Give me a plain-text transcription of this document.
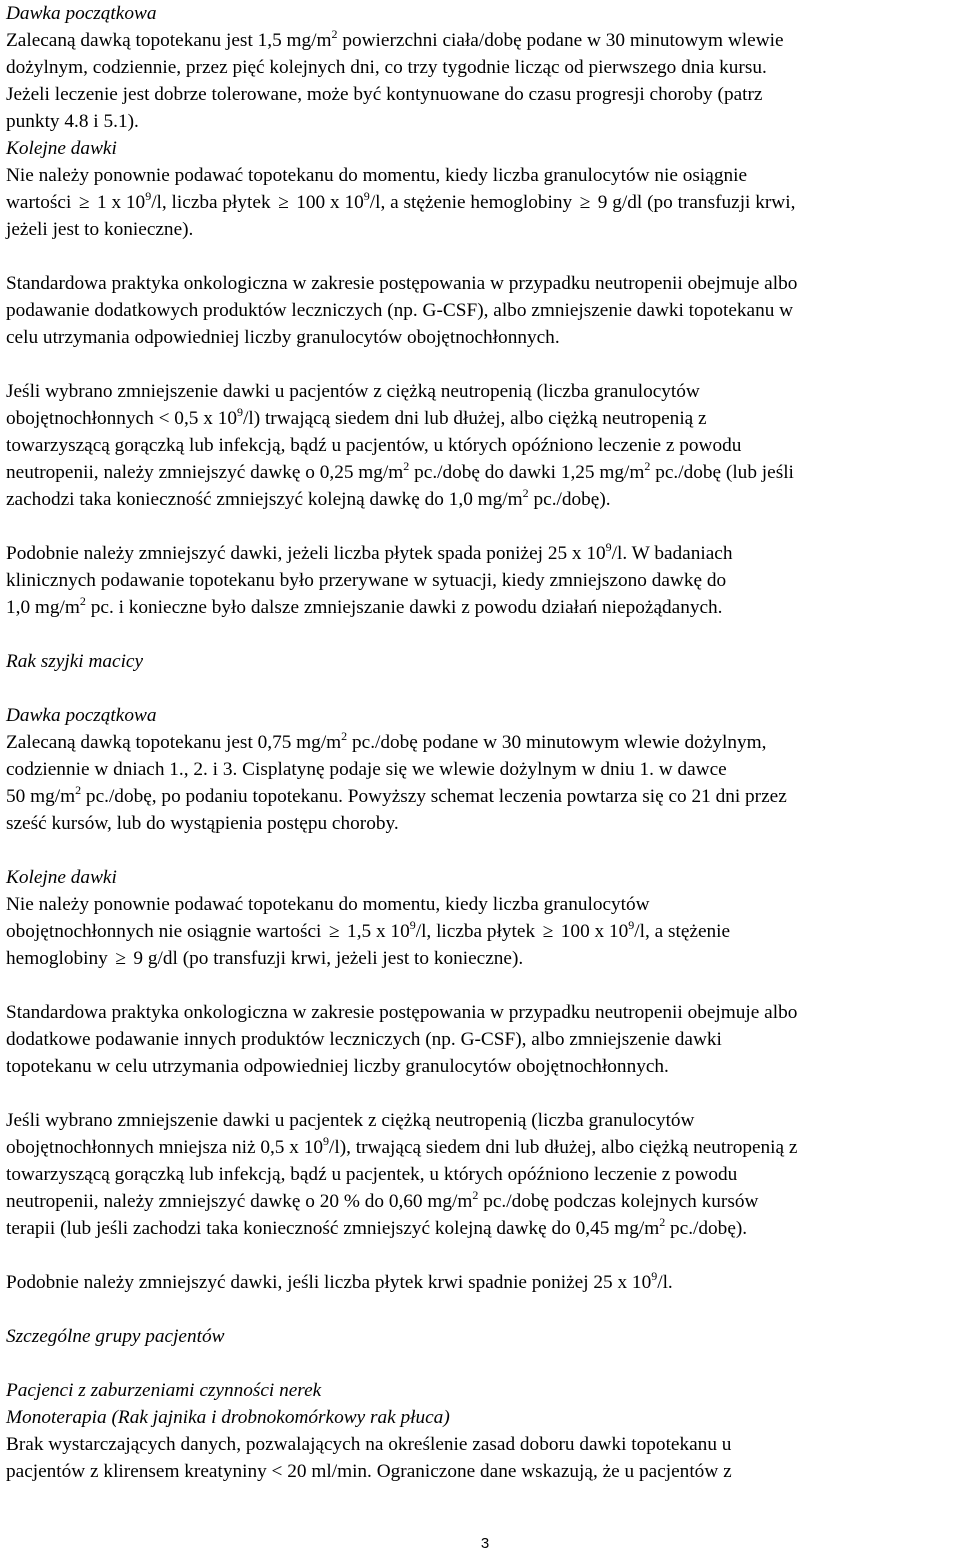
Dawka początkowa

Zalecaną dawką topotekanu jest 1,5 $mg/m^2$ powierzchni ciała/dobę podane w 30 minutowym wlewie

dożylnym, codziennie, przez pięć kolejnych dni, co trzy tygodnie licząc od pierwszego dnia kursu.

Jeżeli leczenie jest dobrze tolerowane, może być kontynuowane do czasu progresji choroby (patrz

punkty 4.8 i 5.1).

Kolejne dawki

Nie należy ponownie podawać topotekanu do momentu, kiedy liczba granulocytów nie osiągnie

wartości ≥ 1 x $10^9/l$, liczba płytek ≥ 100 x $10^9/l$, a stężenie hemoglobiny ≥ 9 g/dl (po transfuzji krwi,

jeżeli jest to konieczne).

Standardowa praktyka onkologiczna w zakresie postępowania w przypadku neutropenii obejmuje albo

podawanie dodatkowych produktów leczniczych (np. G-CSF), albo zmniejszenie dawki topotekanu w

celu utrzymania odpowiedniej liczby granulocytów obojętnochłonnych.

Jeśli wybrano zmniejszenie dawki u pacjentów z ciężką neutropenią (liczba granulocytów

obojętnochłonnych < 0,5 x $10^9/l$) trwającą siedem dni lub dłużej, albo ciężką neutropenią z

towarzyszącą gorączką lub infekcją, bądź u pacjentów, u których opóźniono leczenie z powodu

neutropenii, należy zmniejszyć dawkę o 0,25 $mg/m^2$ pc./dobę do dawki 1,25 $mg/m^2$ pc./dobę (lub jeśli

zachodzi taka konieczność zmniejszyć kolejną dawkę do 1,0 $mg/m^2$ pc./dobę).

Podobnie należy zmniejszyć dawki, jeżeli liczba płytek spada poniżej 25 x $10^9/l$. W badaniach

klinicznych podawanie topotekanu było przerywane w sytuacji, kiedy zmniejszono dawkę do

1,0 $mg/m^2$ pc. i konieczne było dalsze zmniejszanie dawki z powodu działań niepożądanych.

Rak szyjki macicy

Dawka początkowa

Zalecaną dawką topotekanu jest 0,75 $mg/m^2$ pc./dobę podane w 30 minutowym wlewie dożylnym,

codziennie w dniach 1., 2. i 3. Cisplatynę podaje się we wlewie dożylnym w dniu 1. w dawce

50 $mg/m^2$ pc./dobę, po podaniu topotekanu. Powyższy schemat leczenia powtarza się co 21 dni przez

sześć kursów, lub do wystąpienia postępu choroby.

Kolejne dawki

Nie należy ponownie podawać topotekanu do momentu, kiedy liczba granulocytów

obojętnochłonnych nie osiągnie wartości ≥ 1,5 x $10^9/l$, liczba płytek ≥ 100 x $10^9/l$, a stężenie

hemoglobiny ≥ 9 g/dl (po transfuzji krwi, jeżeli jest to konieczne).

Standardowa praktyka onkologiczna w zakresie postępowania w przypadku neutropenii obejmuje albo

dodatkowe podawanie innych produktów leczniczych (np. G-CSF), albo zmniejszenie dawki

topotekanu w celu utrzymania odpowiedniej liczby granulocytów obojętnochłonnych.

Jeśli wybrano zmniejszenie dawki u pacjentek z ciężką neutropenią (liczba granulocytów

obojętnochłonnych mniejsza niż 0,5 x $10^9/l$), trwającą siedem dni lub dłużej, albo ciężką neutropenią z

towarzyszącą gorączką lub infekcją, bądź u pacjentek, u których opóźniono leczenie z powodu

neutropenii, należy zmniejszyć dawkę o 20 % do 0,60 $mg/m^2$ pc./dobę podczas kolejnych kursów

terapii (lub jeśli zachodzi taka konieczność zmniejszyć kolejną dawkę do 0,45 $mg/m^2$ pc./dobę).

Podobnie należy zmniejszyć dawki, jeśli liczba płytek krwi spadnie poniżej 25 x $10^9/l$.

Szczególne grupy pacjentów

Pacjenci z zaburzeniami czynności nerek

Monoterapia (Rak jajnika i drobnokomórkowy rak płuca)

Brak wystarczających danych, pozwalających na określenie zasad doboru dawki topotekanu u

pacjentów z klirensem kreatyniny < 20 ml/min. Ograniczone dane wskazują, że u pacjentów z

3
